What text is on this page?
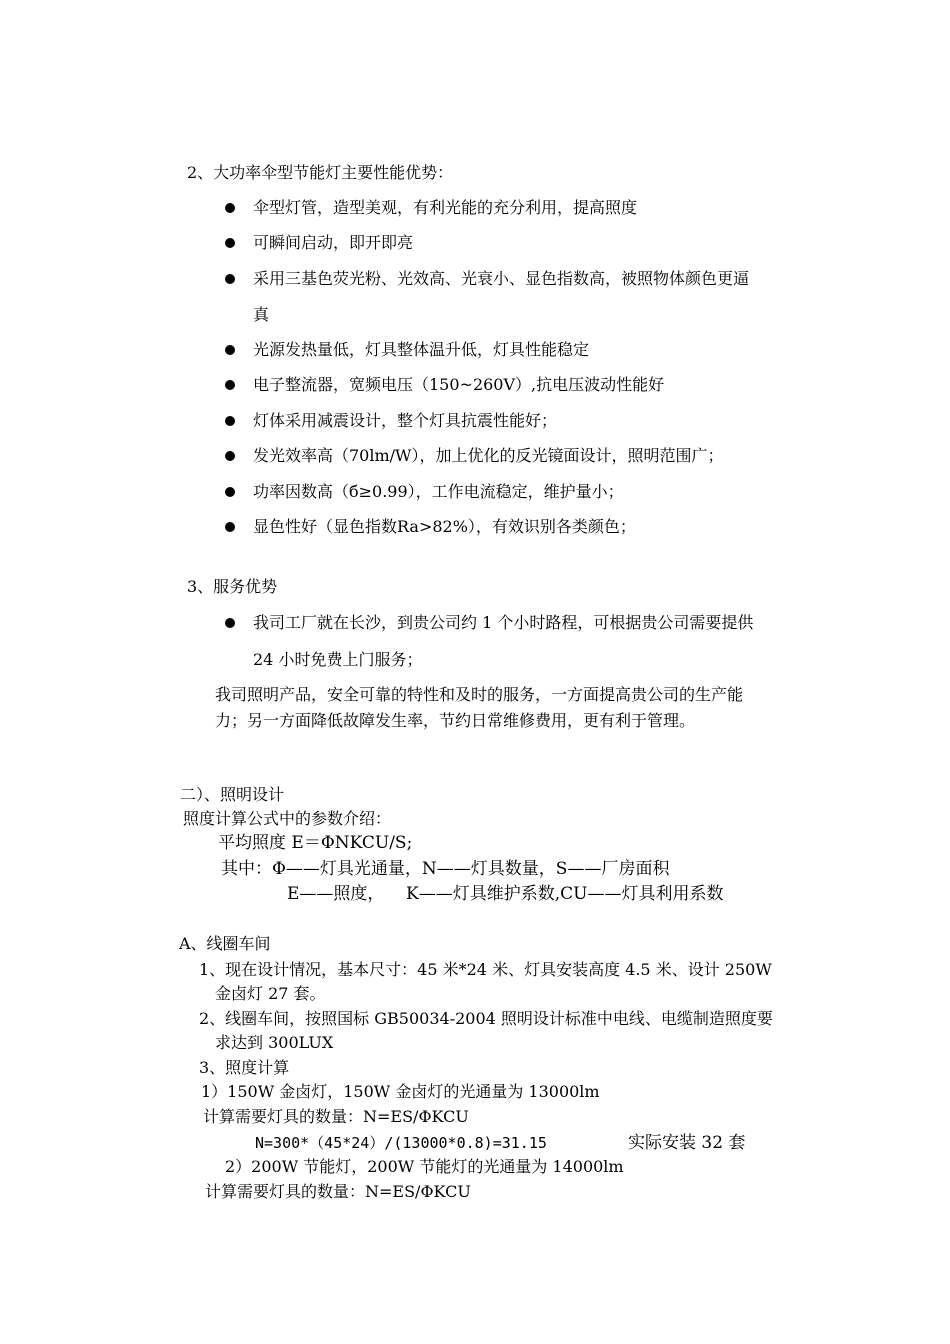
2、大功率伞型节能灯主要性能优势：
伞型灯管，造型美观，有利光能的充分利用，提高照度
可瞬间启动，即开即亮
采用三基色荧光粉、光效高、光衰小、显色指数高，被照物体颜色更逼
真
光源发热量低，灯具整体温升低，灯具性能稳定
电子整流器，宽频电压（150~260V）,抗电压波动性能好
灯体采用减震设计，整个灯具抗震性能好；
发光效率高（70lm/W），加上优化的反光镜面设计，照明范围广；
功率因数高（б≥0.99），工作电流稳定，维护量小；
显色性好（显色指数Ra>82%），有效识别各类颜色；
3、服务优势
我司工厂就在长沙，到贵公司约 1 个小时路程，可根据贵公司需要提供
24 小时免费上门服务；
我司照明产品，安全可靠的特性和及时的服务，一方面提高贵公司的生产能
力；另一方面降低故障发生率，节约日常维修费用，更有利于管理。
二）、照明设计
照度计算公式中的参数介绍：
平均照度 E＝ΦNKCU/S;
其中：Φ——灯具光通量，N——灯具数量，S——厂房面积
E——照度，    K——灯具维护系数,CU——灯具利用系数
A、线圈车间
1、现在设计情况，基本尺寸：45 米*24 米、灯具安装高度 4.5 米、设计 250W
金卤灯 27 套。
2、线圈车间，按照国标 GB50034-2004 照明设计标准中电线、电缆制造照度要
求达到 300LUX
3、照度计算
1）150W 金卤灯，150W 金卤灯的光通量为 13000lm
计算需要灯具的数量：N=ES/ΦKCU
N=300*（45*24）/(13000*0.8)=31.15	实际安装 32 套
2）200W 节能灯，200W 节能灯的光通量为 14000lm
计算需要灯具的数量：N=ES/ΦKCU
